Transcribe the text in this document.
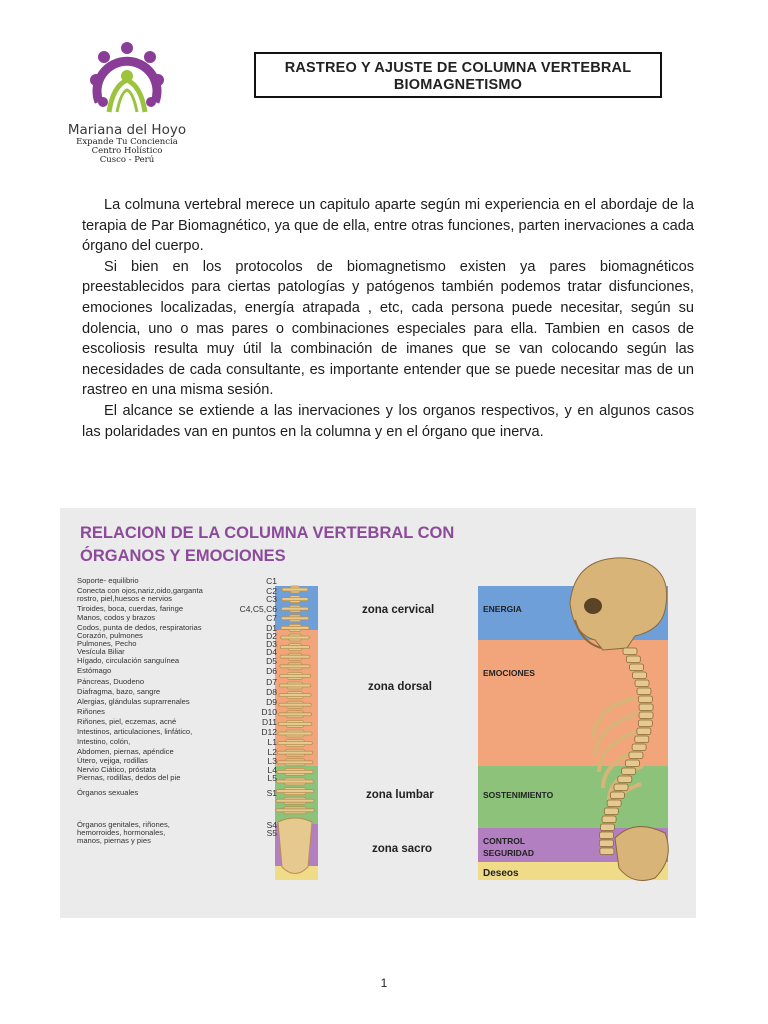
Mariana del Hoyo
Expande Tu Conciencia
Centro Holístico
Cusco - Perú
RASTREO Y AJUSTE DE COLUMNA VERTEBRAL
BIOMAGNETISMO

La colmuna vertebral merece un capitulo aparte según mi experiencia en el abordaje de la terapia de Par Biomagnético, ya que de ella, entre otras funciones, parten inervaciones a cada órgano del cuerpo.

Si bien en los protocolos de biomagnetismo existen ya pares biomagnéticos preestablecidos para ciertas patologías y patógenos también podemos tratar disfunciones, emociones localizadas, energía atrapada , etc, cada persona puede necesitar, según su dolencia, uno o mas pares o combinaciones especiales para ella. Tambien en casos de escoliosis resulta muy útil la combinación de imanes que se van colocando según las necesidades de cada consultante, es importante entender que se puede necesitar mas de un rastreo en una misma sesión.

El alcance se extiende a las inervaciones y los organos respectivos, y en algunos casos las polaridades van en puntos en la columna y en el órgano que inerva.

RELACION DE LA COLUMNA VERTEBRAL CON
ÓRGANOS Y EMOCIONES
zona cervical
zona dorsal
zona lumbar
zona sacro
ENERGIA
EMOCIONES
SOSTENIMIENTO
CONTROL
SEGURIDAD
Deseos
Soporte- equilibrio	C1
Conecta con ojos,nariz,oido,garganta	C2
rostro, piel,huesos e nervios	C3
Tiroides, boca, cuerdas, faringe	C4,C5,C6
Manos, codos y brazos	C7
Codos, punta de dedos, respiratorias	D1
Corazón, pulmones	D2
Pulmones, Pecho	D3
Vesícula Biliar	D4
Hígado, circulación sanguínea	D5
Estómago	D6
Páncreas, Duodeno	D7
Diafragma, bazo, sangre	D8
Alergias, glándulas suprarrenales	D9
Riñones	D10
Riñones, piel, eczemas, acné	D11
Intestinos, articulaciones, linfático,	D12
Intestino, colón,	L1
Abdomen, piernas, apéndice	L2
Útero, vejiga, rodillas	L3
Nervio Ciático, próstata	L4
Piernas, rodillas, dedos del pie	L5
Órganos sexuales	S1
Órganos genitales, riñones,	S4
hemorroides, hormonales,	S5
manos, piernas y pies
1
